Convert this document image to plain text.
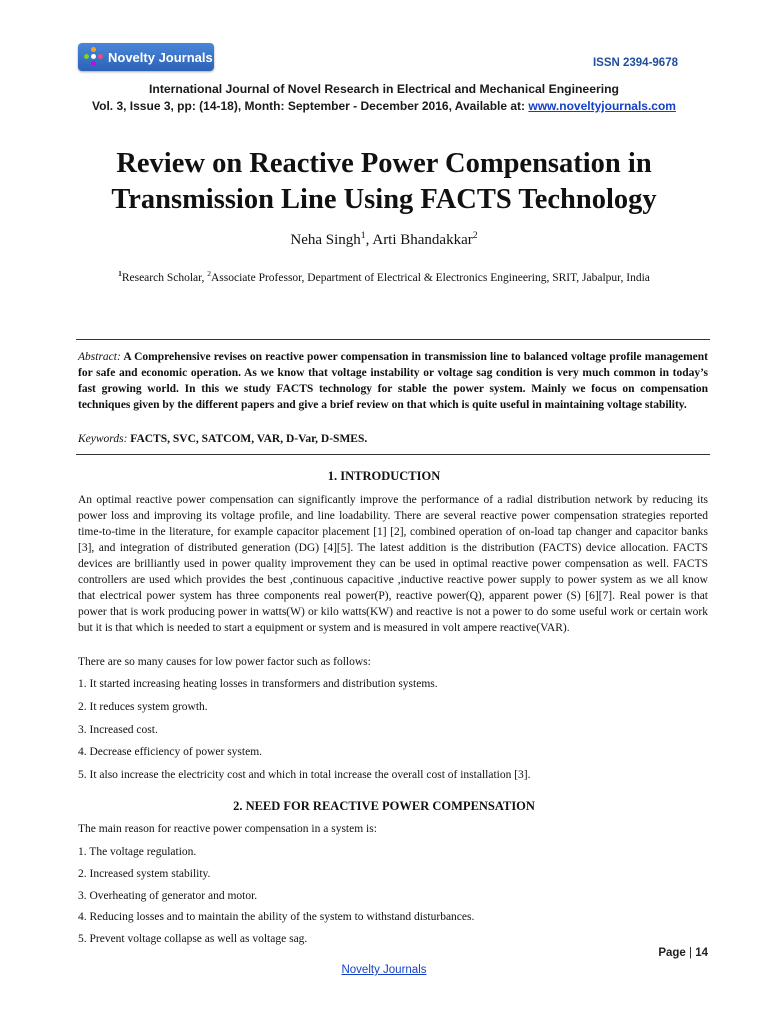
Novelty Journals	ISSN 2394-9678
International Journal of Novel Research in Electrical and Mechanical Engineering
Vol. 3, Issue 3, pp: (14-18), Month: September - December 2016, Available at: www.noveltyjournals.com
Review on Reactive Power Compensation in Transmission Line Using FACTS Technology
Neha Singh$^1$, Arti Bhandakkar$^2$
$^1$Research Scholar, $^2$Associate Professor, Department of Electrical & Electronics Engineering, SRIT, Jabalpur, India
Abstract: A Comprehensive revises on reactive power compensation in transmission line to balanced voltage profile management for safe and economic operation. As we know that voltage instability or voltage sag condition is very much common in today’s fast growing world. In this we study FACTS technology for stable the power system. Mainly we focus on compensation techniques given by the different papers and give a brief review on that which is quite useful in maintaining voltage stability.
Keywords: FACTS, SVC, SATCOM, VAR, D-Var, D-SMES.
1. INTRODUCTION
An optimal reactive power compensation can significantly improve the performance of a radial distribution network by reducing its power loss and improving its voltage profile, and line loadability. There are several reactive power compensation strategies reported time-to-time in the literature, for example capacitor placement [1] [2], combined operation of on-load tap changer and capacitor banks [3], and integration of distributed generation (DG) [4][5]. The latest addition is the distribution (FACTS) device allocation. FACTS devices are brilliantly used in power quality improvement they can be used in optimal reactive power compensation as well. FACTS controllers are used which provides the best ,continuous capacitive ,inductive reactive power supply to power system as we all know that electrical power system has three components real power(P), reactive power(Q), apparent power (S) [6][7]. Real power is that power that is work producing power in watts(W) or kilo watts(KW) and reactive is not a power to do some useful work or certain work but it is that which is needed to start a equipment or system and is measured in volt ampere reactive(VAR).
There are so many causes for low power factor such as follows:
1. It started increasing heating losses in transformers and distribution systems.
2. It reduces system growth.
3. Increased cost.
4. Decrease efficiency of power system.
5. It also increase the electricity cost and which in total increase the overall cost of installation [3].
2. NEED FOR REACTIVE POWER COMPENSATION
The main reason for reactive power compensation in a system is:
1. The voltage regulation.
2. Increased system stability.
3. Overheating of generator and motor.
4. Reducing losses and to maintain the ability of the system to withstand disturbances.
5. Prevent voltage collapse as well as voltage sag.
Page | 14
Novelty Journals
